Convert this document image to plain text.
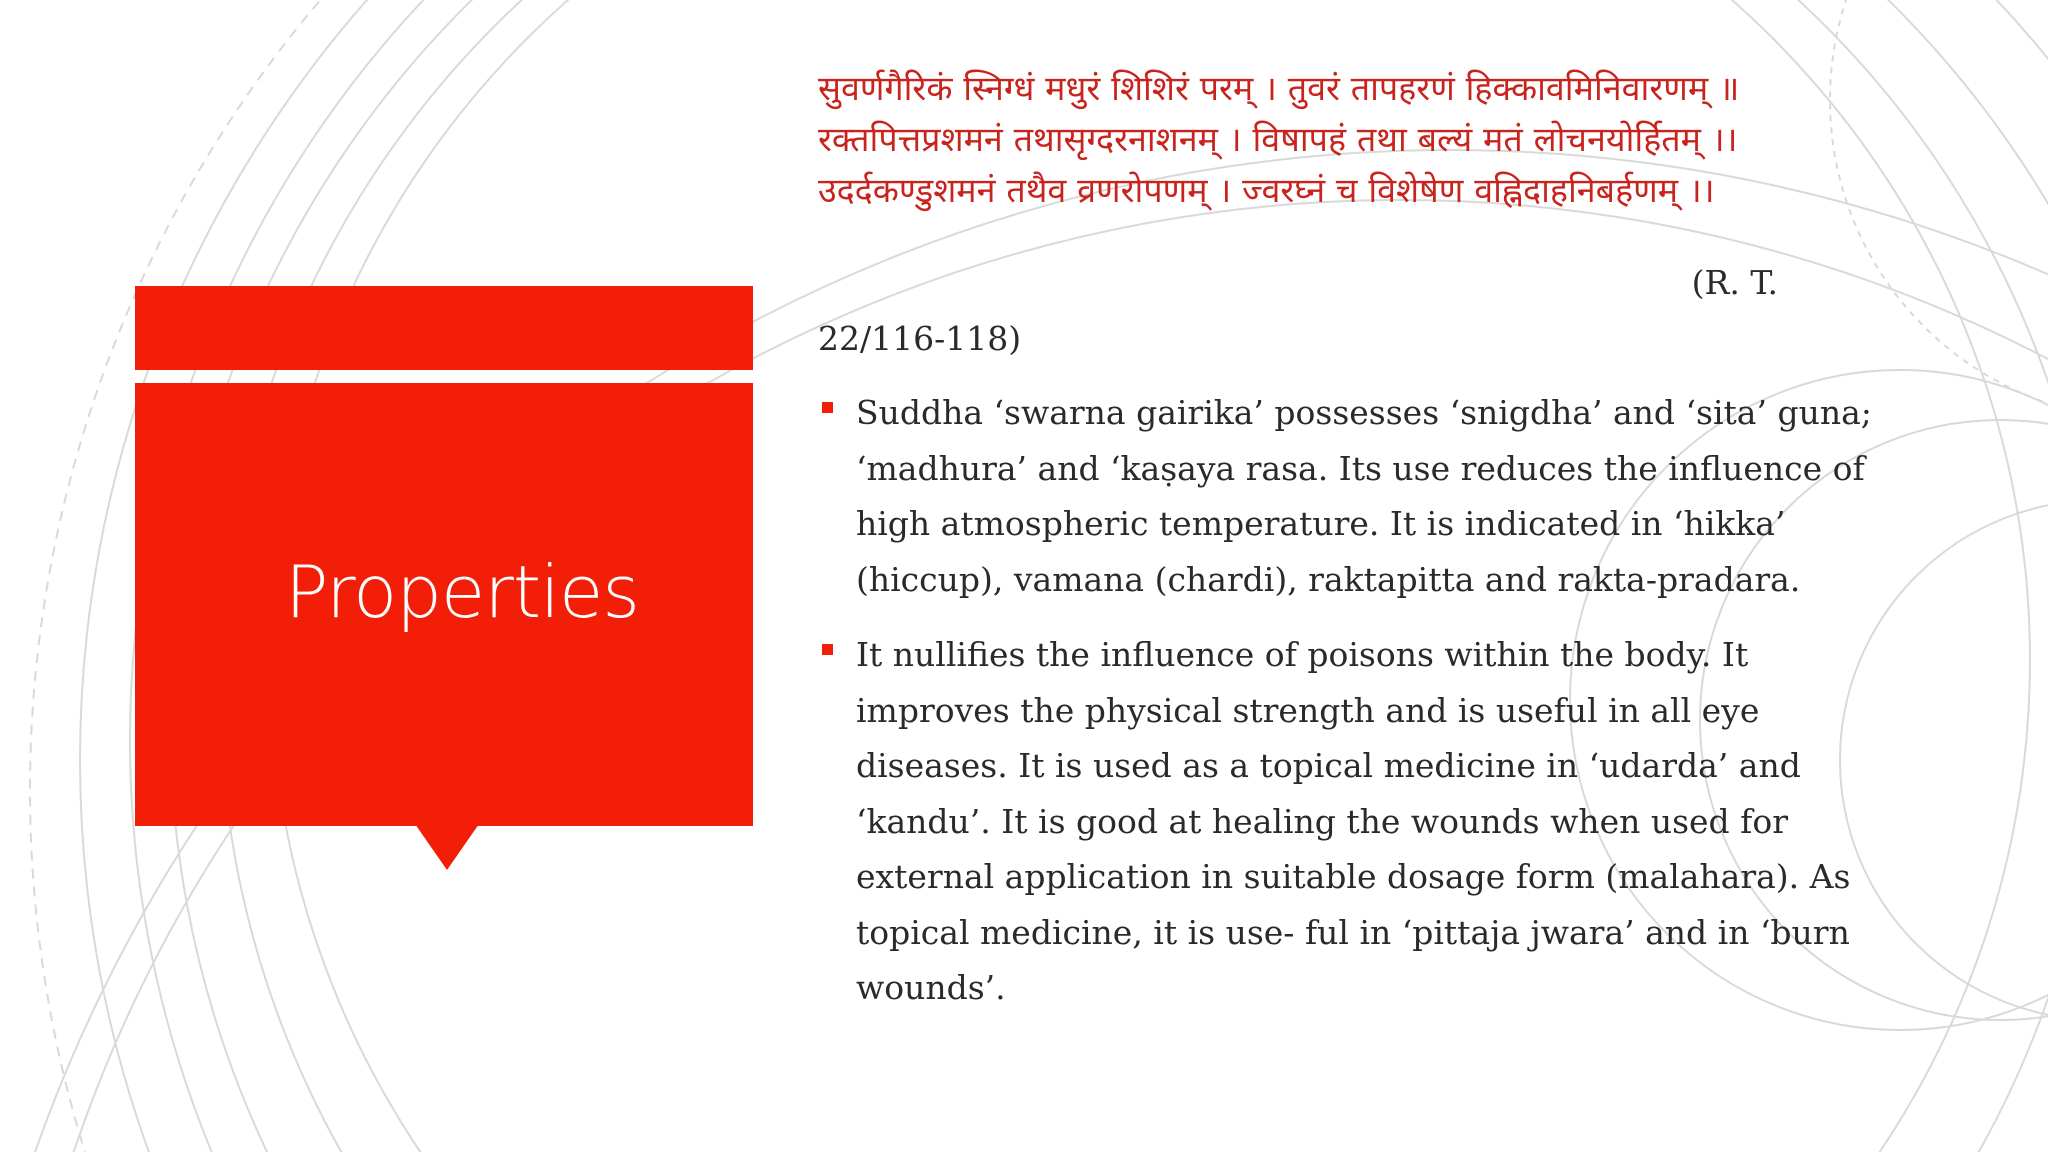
Properties

सुवर्णगैरिकं स्निग्धं मधुरं शिशिरं परम् । तुवरं तापहरणं हिक्कावमिनिवारणम् ॥ रक्तपित्तप्रशमनं तथासृग्दरनाशनम् । विषापहं तथा बल्यं मतं लोचनयोर्हितम् ।। उदर्दकण्डुशमनं तथैव व्रणरोपणम् । ज्वरघ्नं च विशेषेण वह्निदाहनिबर्हणम् ।।

(R. T.

22/116-118)

Suddha ‘swarna gairika’ possesses ‘snigdha’ and ‘sita’ guna; ‘madhura’ and ‘kaṣaya rasa. Its use reduces the influence of high atmospheric temperature. It is indicated in ‘hikka’ (hiccup), vamana (chardi), raktapitta and rakta-pradara.
It nullifies the influence of poisons within the body. It improves the physical strength and is useful in all eye diseases. It is used as a topical medicine in ‘udarda’ and ‘kandu’. It is good at healing the wounds when used for external application in suitable dosage form (malahara). As topical medicine, it is use- ful in ‘pittaja jwara’ and in ‘burn wounds’.
